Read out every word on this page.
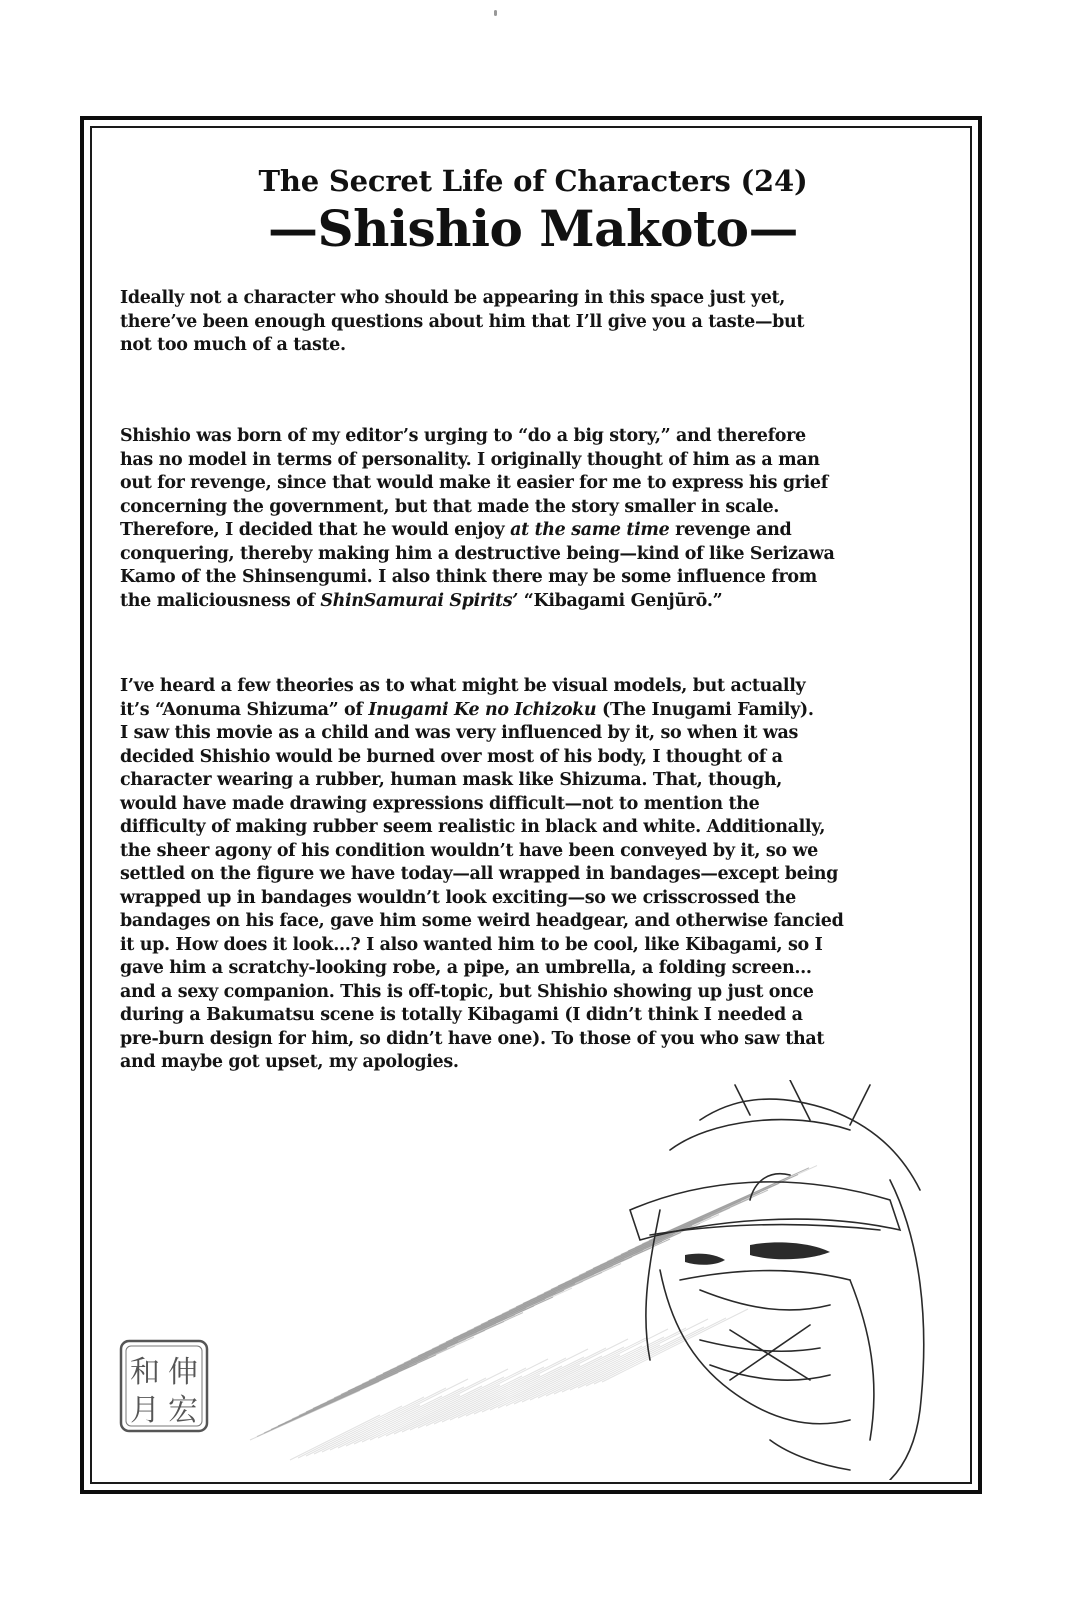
The Secret Life of Characters (24)
—Shishio Makoto—
Ideally not a character who should be appearing in this space just yet,
there’ve been enough questions about him that I’ll give you a taste—but
not too much of a taste.
Shishio was born of my editor’s urging to “do a big story,” and therefore
has no model in terms of personality. I originally thought of him as a man
out for revenge, since that would make it easier for me to express his grief
concerning the government, but that made the story smaller in scale.
Therefore, I decided that he would enjoy at the same time revenge and
conquering, thereby making him a destructive being—kind of like Serizawa
Kamo of the Shinsengumi. I also think there may be some influence from
the maliciousness of ShinSamurai Spirits’ “Kibagami Genjūrō.”
I’ve heard a few theories as to what might be visual models, but actually
it’s “Aonuma Shizuma” of Inugami Ke no Ichizoku (The Inugami Family).
I saw this movie as a child and was very influenced by it, so when it was
decided Shishio would be burned over most of his body, I thought of a
character wearing a rubber, human mask like Shizuma. That, though,
would have made drawing expressions difficult—not to mention the
difficulty of making rubber seem realistic in black and white. Additionally,
the sheer agony of his condition wouldn’t have been conveyed by it, so we
settled on the figure we have today—all wrapped in bandages—except being
wrapped up in bandages wouldn’t look exciting—so we crisscrossed the
bandages on his face, gave him some weird headgear, and otherwise fancied
it up. How does it look...? I also wanted him to be cool, like Kibagami, so I
gave him a scratchy-looking robe, a pipe, an umbrella, a folding screen...
and a sexy companion. This is off-topic, but Shishio showing up just once
during a Bakumatsu scene is totally Kibagami (I didn’t think I needed a
pre-burn design for him, so didn’t have one). To those of you who saw that
and maybe got upset, my apologies.
和 伸
月 宏
